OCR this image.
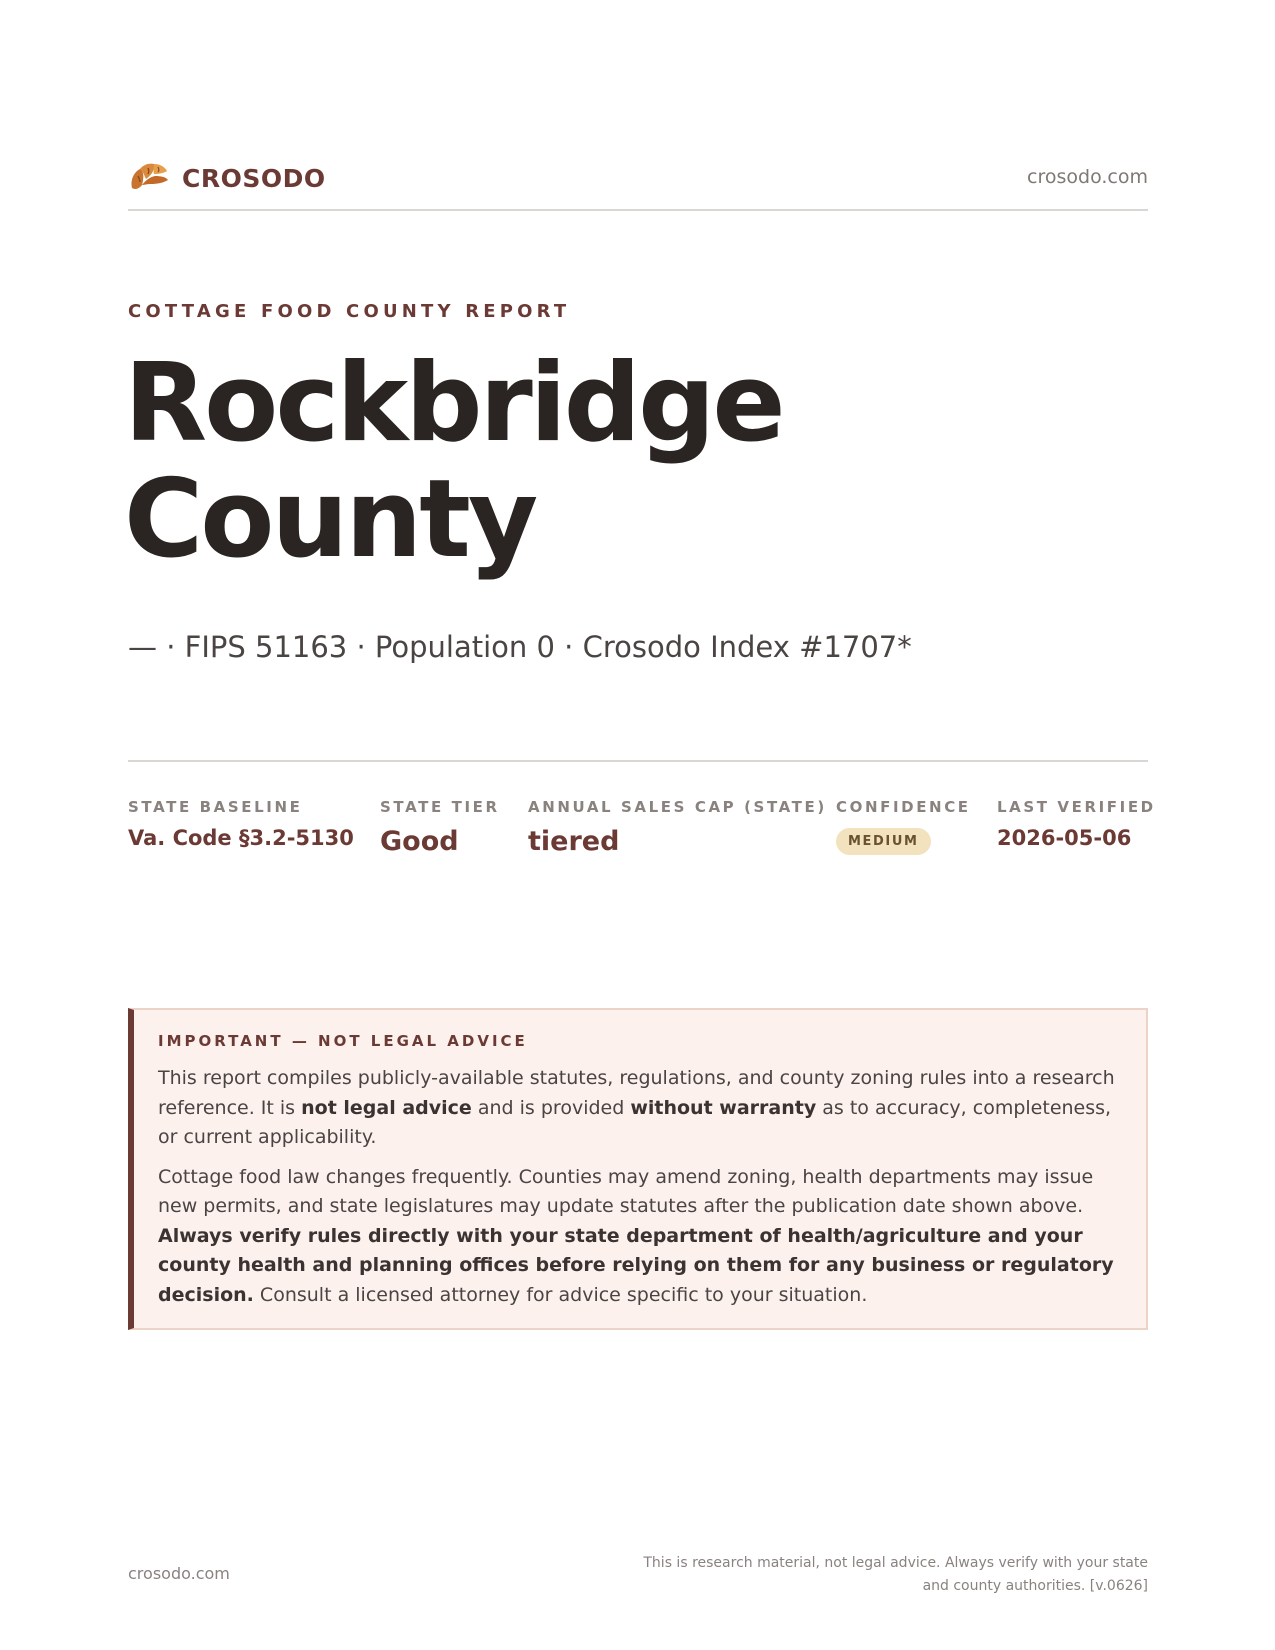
CROSODO	crosodo.com
COTTAGE FOOD COUNTY REPORT
Rockbridge
County
— · FIPS 51163 · Population 0 · Crosodo Index #1707*
STATE BASELINE
Va. Code §3.2-5130
STATE TIER
Good
ANNUAL SALES CAP (STATE)
tiered
CONFIDENCE
MEDIUM
LAST VERIFIED
2026-05-06
IMPORTANT — NOT LEGAL ADVICE

This report compiles publicly-available statutes, regulations, and county zoning rules into a research reference. It is not legal advice and is provided without warranty as to accuracy, completeness, or current applicability.

Cottage food law changes frequently. Counties may amend zoning, health departments may issue new permits, and state legislatures may update statutes after the publication date shown above. Always verify rules directly with your state department of health/agriculture and your county health and planning offices before relying on them for any business or regulatory decision. Consult a licensed attorney for advice specific to your situation.

crosodo.com
This is research material, not legal advice. Always verify with your state
and county authorities. [v.0626]
